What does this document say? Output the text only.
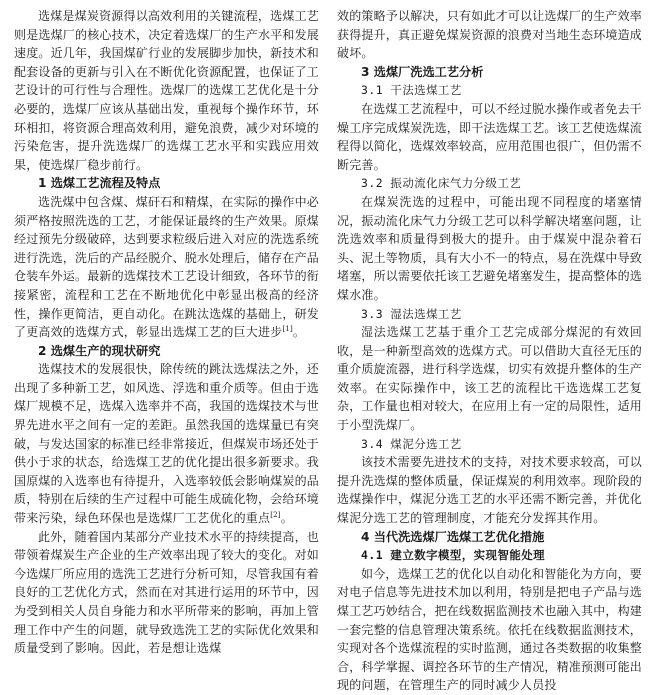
选煤是煤炭资源得以高效利用的关键流程，选煤工艺则是选煤厂的核心技术，决定着选煤厂的生产水平和发展速度。近几年，我国煤矿行业的发展脚步加快，新技术和配套设备的更新与引入在不断优化资源配置，也保证了工艺设计的可行性与合理性。选煤厂的选煤工艺优化是十分必要的，选煤厂应该从基础出发，重视每个操作环节，环环相扣，将资源合理高效利用，避免浪费，减少对环境的污染危害，提升洗选煤厂的选煤工艺水平和实践应用效果，使选煤厂稳步前行。

1 选煤工艺流程及特点

选洗煤中包含煤、煤矸石和精煤，在实际的操作中必须严格按照洗选的工艺，才能保证最终的生产效果。原煤经过预先分级破碎，达到要求粒级后进入对应的洗选系统进行洗选，洗后的产品经脱介、脱水处理后，储存在产品仓装车外运。最新的选煤技术工艺设计细致，各环节的衔接紧密，流程和工艺在不断地优化中彰显出极高的经济性，操作更简洁，更自动化。在跳汰选煤的基础上，研发了更高效的选煤方式，彰显出选煤工艺的巨大进步[1]。

2 选煤生产的现状研究

选煤技术的发展很快，除传统的跳汰选煤法之外，还出现了多种新工艺，如风选、浮选和重介质等。但由于选煤厂规模不足，选煤入选率并不高，我国的选煤技术与世界先进水平之间有一定的差距。虽然我国的选煤量已有突破，与发达国家的标准已经非常接近，但煤炭市场还处于供小于求的状态，给选煤工艺的优化提出很多新要求。我国原煤的入选率也有待提升，入选率较低会影响煤炭的品质，特别在后续的生产过程中可能生成硫化物，会给环境带来污染，绿色环保也是选煤厂工艺优化的重点[2]。

此外，随着国内某部分产业技术水平的持续提高，也带领着煤炭生产企业的生产效率出现了较大的变化。对如今选煤厂所应用的选洗工艺进行分析可知，尽管我国有着良好的工艺优化方式，然而在对其进行运用的环节中，因为受到相关人员自身能力和水平所带来的影响，再加上管理工作中产生的问题，就导致选洗工艺的实际优化效果和质量受到了影响。因此，若是想让选煤

效的策略予以解决，只有如此才可以让选煤厂的生产效率获得提升，真正避免煤炭资源的浪费对当地生态环境造成破坏。

3 选煤厂洗选工艺分析

3.1 干法选煤工艺

在选煤工艺流程中，可以不经过脱水操作或者免去干燥工序完成煤炭洗选，即干法选煤工艺。该工艺使选煤流程得以简化，选煤效率较高，应用范围也很广，但仍需不断完善。

3.2 振动流化床气力分级工艺

在煤炭洗选的过程中，可能出现不同程度的堵塞情况，振动流化床气力分级工艺可以科学解决堵塞问题，让洗选效率和质量得到极大的提升。由于煤炭中混杂着石头、泥土等物质，具有大小不一的特点，易在洗煤中导致堵塞，所以需要依托该工艺避免堵塞发生，提高整体的选煤水准。

3.3 湿法选煤工艺

湿法选煤工艺基于重介工艺完成部分煤泥的有效回收，是一种新型高效的选煤方式。可以借助大直径无压的重介质旋流器，进行科学选煤，切实有效提升整体的生产效率。在实际操作中，该工艺的流程比干选选煤工艺复杂，工作量也相对较大，在应用上有一定的局限性，适用于小型洗煤厂。

3.4 煤泥分选工艺

该技术需要先进技术的支持，对技术要求较高，可以提升洗选煤的整体质量，保证煤炭的利用效率。现阶段的选煤操作中，煤泥分选工艺的水平还需不断完善，并优化煤泥分选工艺的管理制度，才能充分发挥其作用。

4 当代洗选煤厂选煤工艺优化措施

4.1 建立数字模型，实现智能处理

如今，选煤工艺的优化以自动化和智能化为方向，要对电子信息等先进技术加以利用，特别是把电子产品与选煤工艺巧妙结合，把在线数据监测技术也融入其中，构建一套完整的信息管理决策系统。依托在线数据监测技术，实现对各个选煤流程的实时监测，通过各类数据的收集整合，科学掌握、调控各环节的生产情况，精准预测可能出现的问题，在管理生产的同时减少人员投
